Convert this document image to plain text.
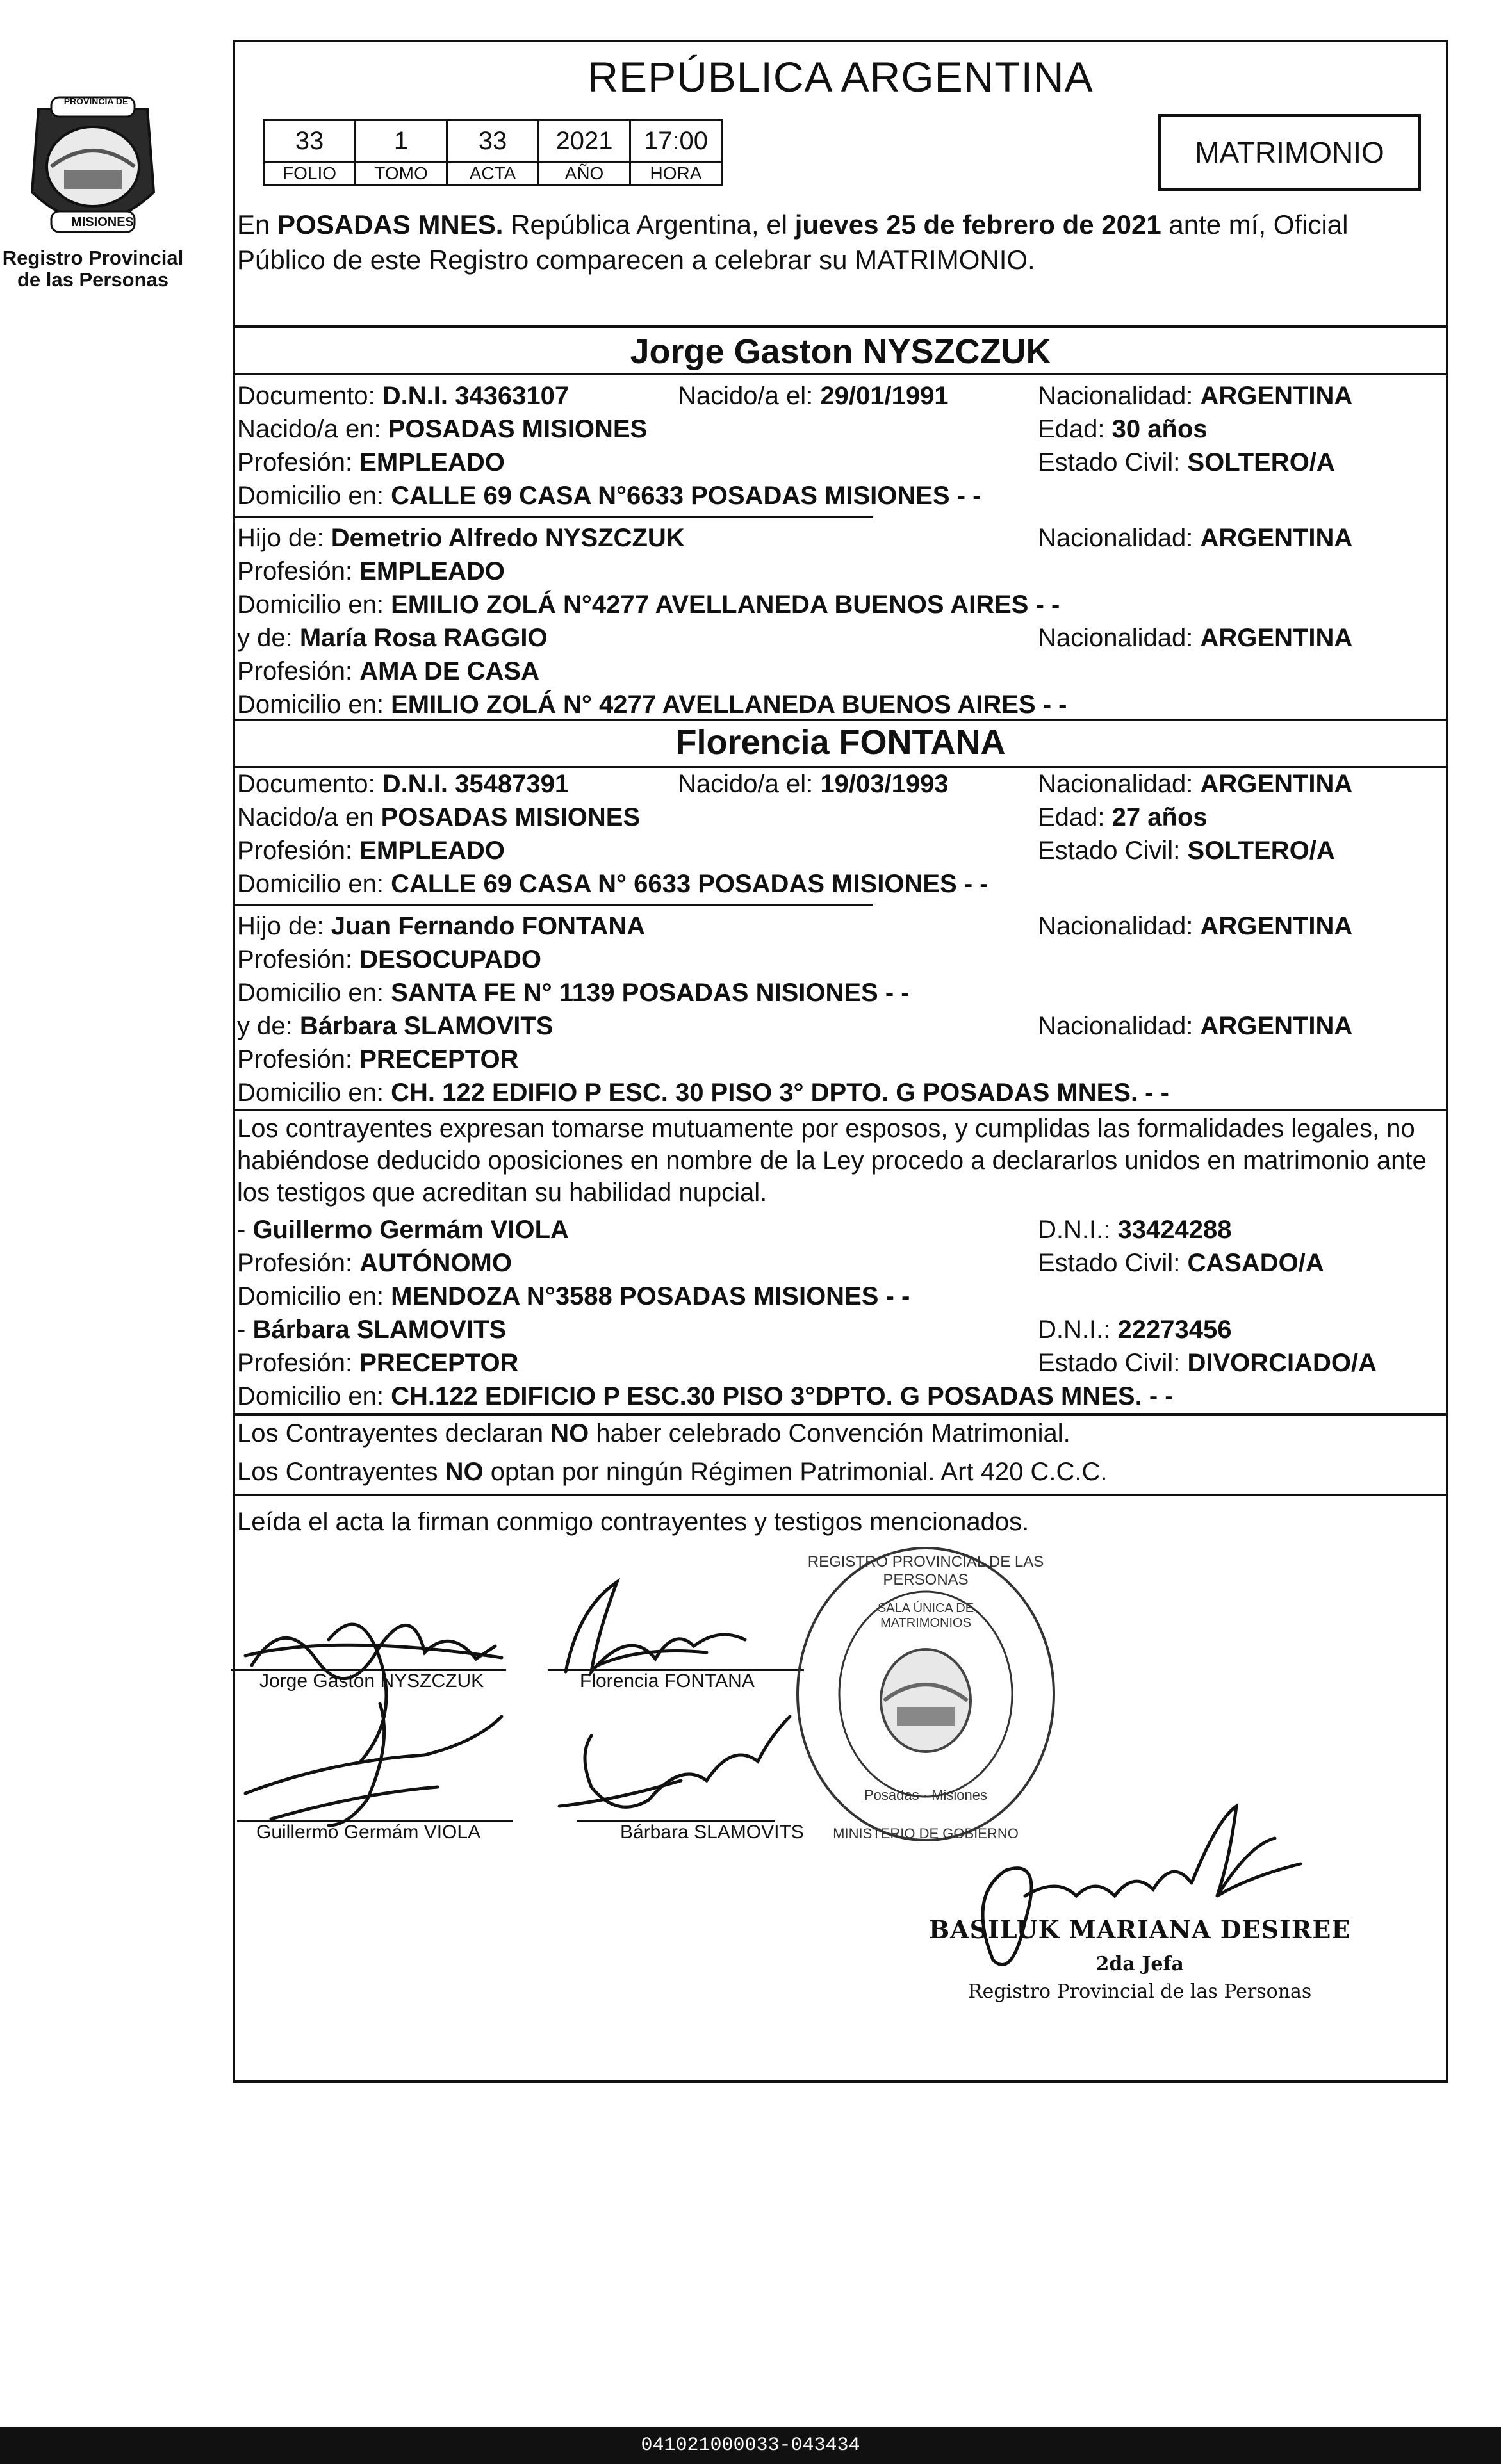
PROVINCIA DE
MISIONES
Registro Provincial
de las Personas
REPÚBLICA ARGENTINA
33	1	33	2021	17:00
FOLIO	TOMO	ACTA	AÑO	HORA
MATRIMONIO
En POSADAS MNES. República Argentina, el jueves 25 de febrero de 2021 ante mí, Oficial
Público de este Registro comparecen a celebrar su MATRIMONIO.
Jorge Gaston NYSZCZUK
Documento: D.N.I. 34363107	Nacido/a el: 29/01/1991	Nacionalidad: ARGENTINA
Nacido/a en: POSADAS MISIONES	Edad: 30 años
Profesión: EMPLEADO	Estado Civil: SOLTERO/A
Domicilio en: CALLE 69 CASA N°6633 POSADAS MISIONES - -
Hijo de: Demetrio Alfredo NYSZCZUK	Nacionalidad: ARGENTINA
Profesión: EMPLEADO
Domicilio en: EMILIO ZOLÁ N°4277 AVELLANEDA BUENOS AIRES - -
y de: María Rosa RAGGIO	Nacionalidad: ARGENTINA
Profesión: AMA DE CASA
Domicilio en: EMILIO ZOLÁ N° 4277 AVELLANEDA BUENOS AIRES - -
Florencia FONTANA
Documento: D.N.I. 35487391	Nacido/a el: 19/03/1993	Nacionalidad: ARGENTINA
Nacido/a en POSADAS MISIONES	Edad: 27 años
Profesión: EMPLEADO	Estado Civil: SOLTERO/A
Domicilio en: CALLE 69 CASA N° 6633 POSADAS MISIONES - -
Hijo de: Juan Fernando FONTANA	Nacionalidad: ARGENTINA
Profesión: DESOCUPADO
Domicilio en: SANTA FE N° 1139 POSADAS NISIONES - -
y de: Bárbara SLAMOVITS	Nacionalidad: ARGENTINA
Profesión: PRECEPTOR
Domicilio en: CH. 122 EDIFIO P ESC. 30 PISO 3° DPTO. G POSADAS MNES. - -
Los contrayentes expresan tomarse mutuamente por esposos, y cumplidas las formalidades legales, no
habiéndose deducido oposiciones en nombre de la Ley procedo a declararlos unidos en matrimonio ante
los testigos que acreditan su habilidad nupcial.
- Guillermo Germám VIOLA	D.N.I.: 33424288
Profesión: AUTÓNOMO	Estado Civil: CASADO/A
Domicilio en: MENDOZA N°3588 POSADAS MISIONES - -
- Bárbara SLAMOVITS	D.N.I.: 22273456
Profesión: PRECEPTOR	Estado Civil: DIVORCIADO/A
Domicilio en: CH.122 EDIFICIO P ESC.30 PISO 3°DPTO. G POSADAS MNES. - -
Los Contrayentes declaran NO haber celebrado Convención Matrimonial.
Los Contrayentes NO optan por ningún Régimen Patrimonial. Art 420 C.C.C.
Leída el acta la firman conmigo contrayentes y testigos mencionados.
Jorge Gaston NYSZCZUK	Florencia FONTANA
Guillermo Germám VIOLA	Bárbara SLAMOVITS
REGISTRO PROVINCIAL DE LAS PERSONAS
SALA ÚNICA DE MATRIMONIOS
Posadas · Misiones
MINISTERIO DE GOBIERNO
BASILUK MARIANA DESIREE
2da Jefa
Registro Provincial de las Personas
041021000033-043434
